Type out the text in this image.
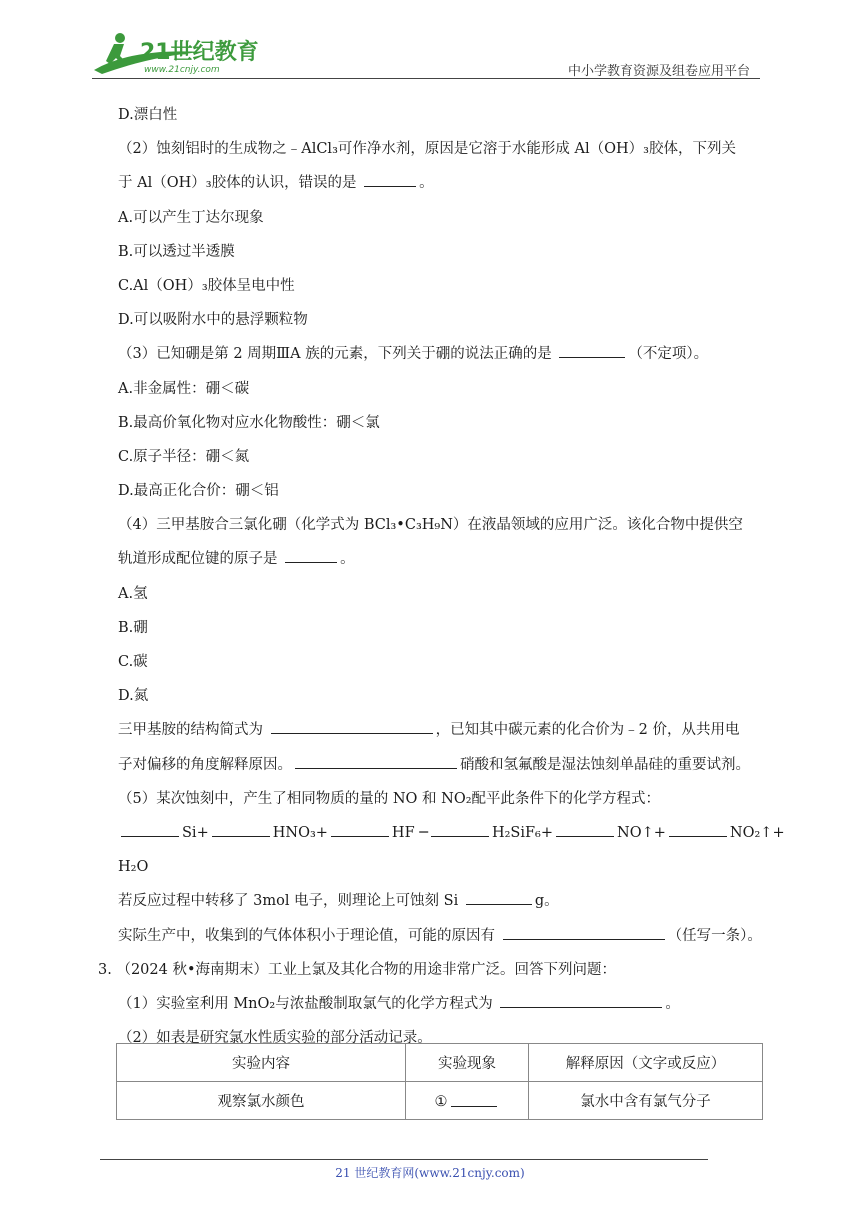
21世纪教育
www.21cnjy.com	中小学教育资源及组卷应用平台
D.漂白性
（2）蚀刻铝时的生成物之﹣AlCl₃可作净水剂，原因是它溶于水能形成 Al（OH）₃胶体，下列关
于 Al（OH）₃胶体的认识，错误的是	。
A.可以产生丁达尔现象
B.可以透过半透膜
C.Al（OH）₃胶体呈电中性
D.可以吸附水中的悬浮颗粒物
（3）已知硼是第 2 周期ⅢA 族的元素，下列关于硼的说法正确的是	（不定项）。
A.非金属性：硼＜碳
B.最高价氧化物对应水化物酸性：硼＜氯
C.原子半径：硼＜氮
D.最高正化合价：硼＜铝
（4）三甲基胺合三氯化硼（化学式为 BCl₃•C₃H₉N）在液晶领域的应用广泛。该化合物中提供空
轨道形成配位键的原子是	。
A.氢
B.硼
C.碳
D.氮
三甲基胺的结构简式为	，已知其中碳元素的化合价为﹣2 价，从共用电
子对偏移的角度解释原因。	硝酸和氢氟酸是湿法蚀刻单晶硅的重要试剂。
（5）某次蚀刻中，产生了相同物质的量的 NO 和 NO₂配平此条件下的化学方程式：
Si+	HNO₃+	HF ─	H₂SiF₆+	NO↑+	NO₂↑+
H₂O
若反应过程中转移了 3mol 电子，则理论上可蚀刻 Si	g。
实际生产中，收集到的气体体积小于理论值，可能的原因有	（任写一条）。
3. （2024 秋•海南期末）工业上氯及其化合物的用途非常广泛。回答下列问题：
（1）实验室利用 MnO₂与浓盐酸制取氯气的化学方程式为	。
（2）如表是研究氯水性质实验的部分活动记录。
实验内容	实验现象	解释原因（文字或反应）
观察氯水颜色	①	氯水中含有氯气分子
21 世纪教育网(www.21cnjy.com)
